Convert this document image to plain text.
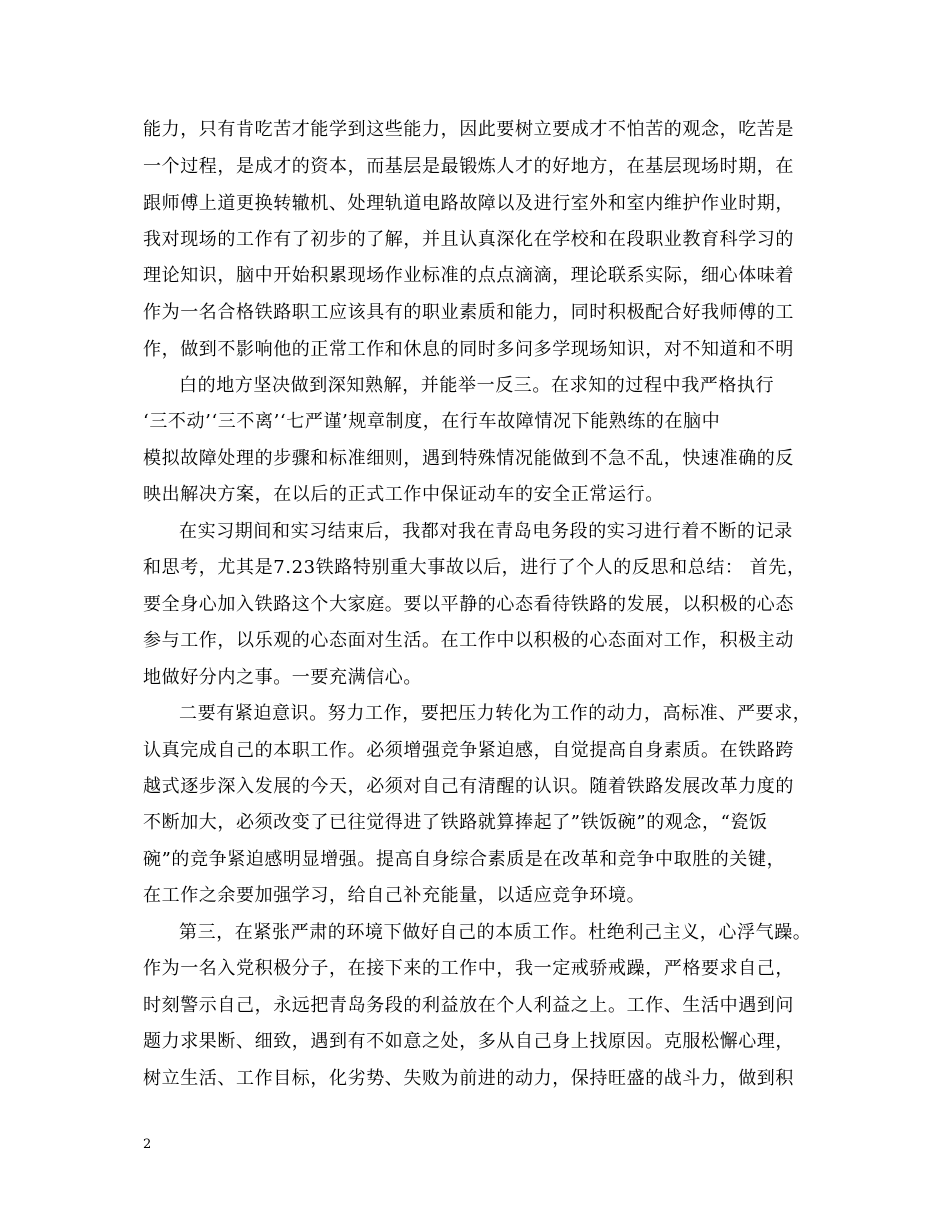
能力，只有肯吃苦才能学到这些能力，因此要树立要成才不怕苦的观念，吃苦是
一个过程，是成才的资本，而基层是最锻炼人才的好地方，在基层现场时期，在
跟师傅上道更换转辙机、处理轨道电路故障以及进行室外和室内维护作业时期，
我对现场的工作有了初步的了解，并且认真深化在学校和在段职业教育科学习的
理论知识，脑中开始积累现场作业标准的点点滴滴，理论联系实际，细心体味着
作为一名合格铁路职工应该具有的职业素质和能力，同时积极配合好我师傅的工
作，做到不影响他的正常工作和休息的同时多问多学现场知识，对不知道和不明
白的地方坚决做到深知熟解，并能举一反三。在求知的过程中我严格执行
‘三不动’‘三不离’‘七严谨’规章制度，在行车故障情况下能熟练的在脑中
模拟故障处理的步骤和标准细则，遇到特殊情况能做到不急不乱，快速准确的反
映出解决方案，在以后的正式工作中保证动车的安全正常运行。
在实习期间和实习结束后，我都对我在青岛电务段的实习进行着不断的记录
和思考，尤其是7.23铁路特别重大事故以后，进行了个人的反思和总结： 首先，
要全身心加入铁路这个大家庭。要以平静的心态看待铁路的发展，以积极的心态
参与工作，以乐观的心态面对生活。在工作中以积极的心态面对工作，积极主动
地做好分内之事。一要充满信心。
二要有紧迫意识。努力工作，要把压力转化为工作的动力，高标准、严要求，
认真完成自己的本职工作。必须增强竞争紧迫感，自觉提高自身素质。在铁路跨
越式逐步深入发展的今天，必须对自己有清醒的认识。随着铁路发展改革力度的
不断加大，必须改变了已往觉得进了铁路就算捧起了”铁饭碗”的观念，“瓷饭
碗”的竞争紧迫感明显增强。提高自身综合素质是在改革和竞争中取胜的关键，
在工作之余要加强学习，给自己补充能量，以适应竞争环境。
第三，在紧张严肃的环境下做好自己的本质工作。杜绝利己主义，心浮气躁。
作为一名入党积极分子，在接下来的工作中，我一定戒骄戒躁，严格要求自己，
时刻警示自己，永远把青岛务段的利益放在个人利益之上。工作、生活中遇到问
题力求果断、细致，遇到有不如意之处，多从自己身上找原因。克服松懈心理，
树立生活、工作目标，化劣势、失败为前进的动力，保持旺盛的战斗力，做到积
2
